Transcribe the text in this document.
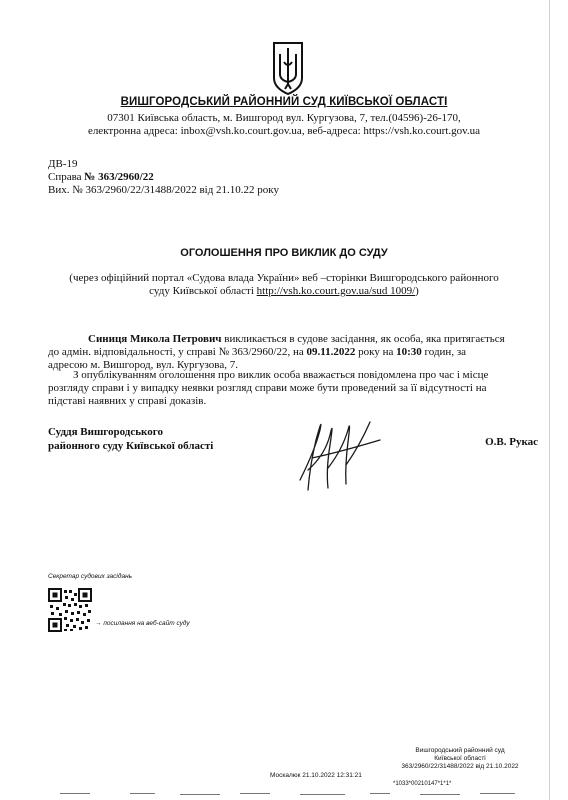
ВИШГОРОДСЬКИЙ РАЙОННИЙ СУД КИЇВСЬКОЇ ОБЛАСТІ
07301 Київська область, м. Вишгород вул. Кургузова, 7, тел.(04596)-26-170,
електронна адреса: inbox@vsh.ko.court.gov.ua, веб-адреса: https://vsh.ko.court.gov.ua
ДВ-19
Справа № 363/2960/22
Вих. № 363/2960/22/31488/2022 від 21.10.22 року
ОГОЛОШЕННЯ ПРО ВИКЛИК ДО СУДУ
(через офіційний портал «Судова влада України» веб –сторінки Вишгородського районного
суду Київської області http://vsh.ko.court.gov.ua/sud 1009/)
Синиця Микола Петрович викликається в судове засідання, як особа, яка притягається
до адмін. відповідальності, у справі № 363/2960/22, на 09.11.2022 року на 10:30 годин, за
адресою м. Вишгород, вул. Кургузова, 7.
З опублікуванням оголошення про виклик особа вважається повідомлена про час і місце
розгляду справи і у випадку неявки розгляд справи може бути проведений за її відсутності на
підставі наявних у справі доказів.
Суддя Вишгородського
районного суду Київської області	О.В. Рукас
Секретар судових засідань
→ посилання на веб-сайт суду
Вишгородський районний суд
Київської області
363/2960/22/31488/2022 від 21.10.2022
Москалюк 21.10.2022 12:31:21
*1033*00210147*1*1*
